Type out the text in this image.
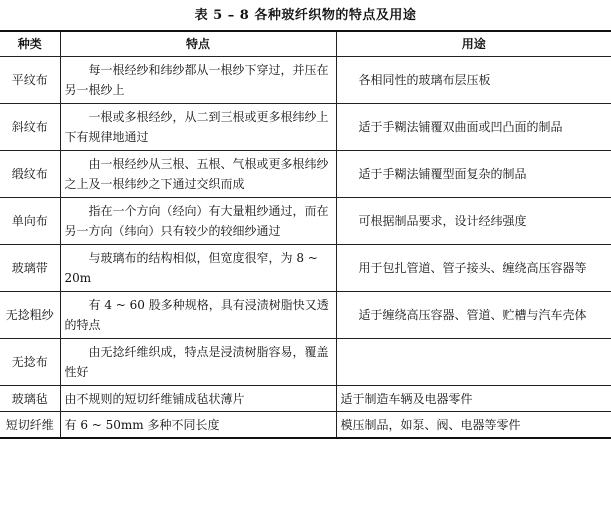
表 5 – 8 各种玻纤织物的特点及用途
种类	特点	用途
平纹布	每一根经纱和纬纱都从一根纱下穿过，并压在另一根纱上	各相同性的玻璃布层压板
斜纹布	一根或多根经纱，从二到三根或更多根纬纱上下有规律地通过	适于手糊法铺覆双曲面或凹凸面的制品
缎纹布	由一根经纱从三根、五根、气根或更多根纬纱之上及一根纬纱之下通过交织而成	适于手糊法铺覆型面复杂的制品
单向布	指在一个方向（经向）有大量粗纱通过，而在另一方向（纬向）只有较少的较细纱通过	可根据制品要求，设计经纬强度
玻璃带	与玻璃布的结构相似，但宽度很窄，为 8 ~ 20m	用于包扎管道、管子接头、缠绕高压容器等
无捻粗纱	有 4 ~ 60 股多种规格，具有浸渍树脂快又透的特点	适于缠绕高压容器、管道、贮槽与汽车壳体
无捻布	由无捻纤维织成，特点是浸渍树脂容易，覆盖性好	
玻璃毡	由不规则的短切纤维铺成毡状薄片	适于制造车辆及电器零件
短切纤维	有 6 ~ 50mm 多种不同长度	模压制品，如泵、阀、电器等零件
